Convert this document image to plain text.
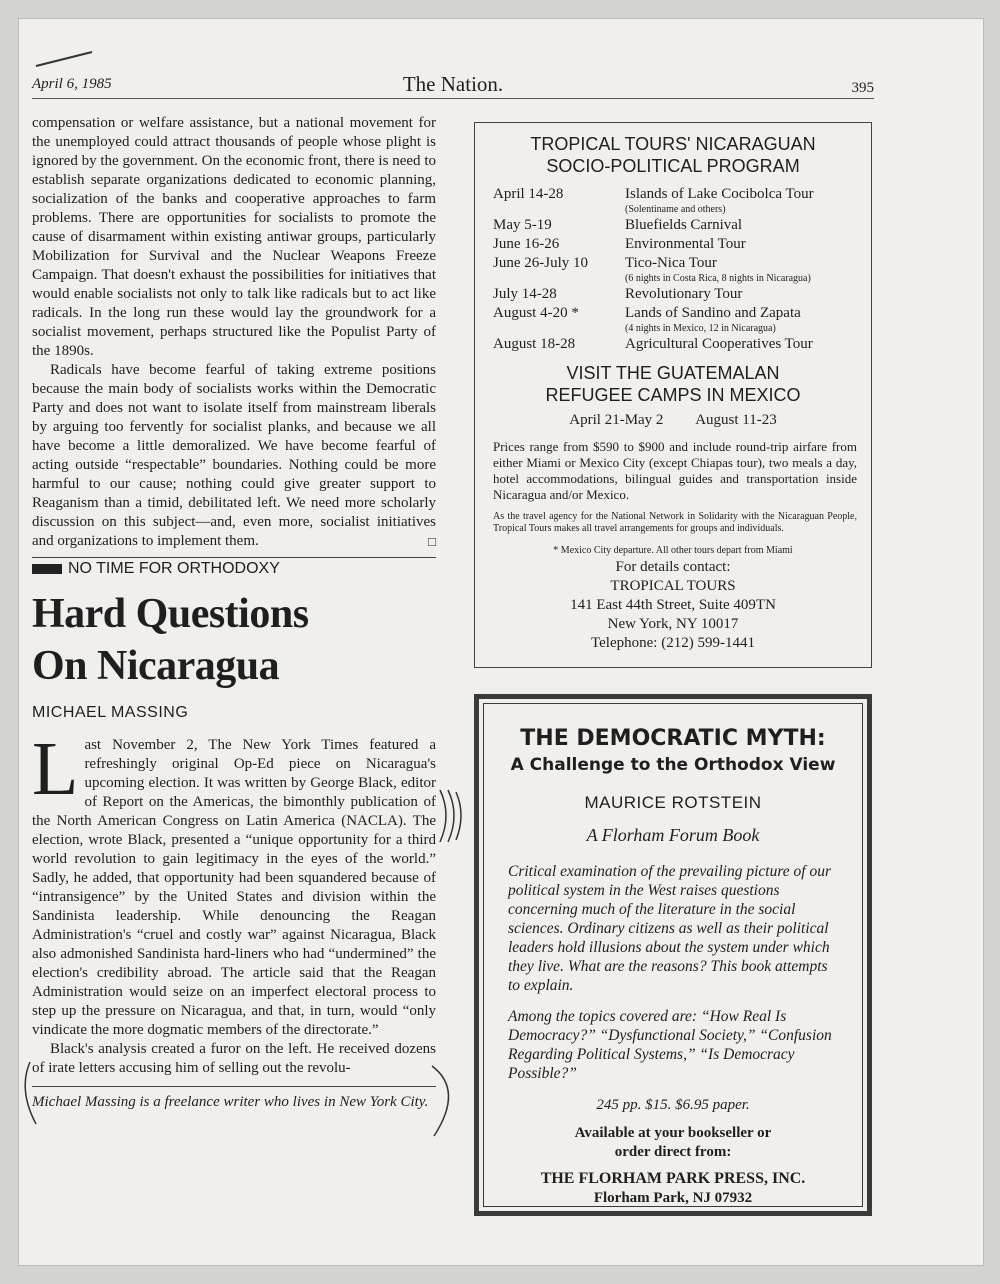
April 6, 1985	The Nation.	395

compensation or welfare assistance, but a national movement for the unemployed could attract thousands of people whose plight is ignored by the government. On the economic front, there is need to establish separate organizations dedicated to economic planning, socialization of the banks and cooperative approaches to farm problems. There are opportunities for socialists to promote the cause of disarmament within existing antiwar groups, particularly Mobilization for Survival and the Nuclear Weapons Freeze Campaign. That doesn't exhaust the possibilities for initiatives that would enable socialists not only to talk like radicals but to act like radicals. In the long run these would lay the groundwork for a socialist movement, perhaps structured like the Populist Party of the 1890s.

Radicals have become fearful of taking extreme positions because the main body of socialists works within the Democratic Party and does not want to isolate itself from mainstream liberals by arguing too fervently for socialist planks, and because we all have become a little demoralized. We have become fearful of acting outside “respectable” boundaries. Nothing could be more harmful to our cause; nothing could give greater support to Reaganism than a timid, debilitated left. We need more scholarly discussion on this subject—and, even more, socialist initiatives and organizations to implement them.	□

NO TIME FOR ORTHODOXY
Hard Questions
On Nicaragua
MICHAEL MASSING

Last November 2, The New York Times featured a refreshingly original Op-Ed piece on Nicaragua's upcoming election. It was written by George Black, editor of Report on the Americas, the bimonthly publication of the North American Congress on Latin America (NACLA). The election, wrote Black, presented a “unique opportunity for a third world revolution to gain legitimacy in the eyes of the world.” Sadly, he added, that opportunity had been squandered because of “intransigence” by the United States and division within the Sandinista leadership. While denouncing the Reagan Administration's “cruel and costly war” against Nicaragua, Black also admonished Sandinista hard-liners who had “undermined” the election's credibility abroad. The article said that the Reagan Administration would seize on an imperfect electoral process to step up the pressure on Nicaragua, and that, in turn, would “only vindicate the more dogmatic members of the directorate.”

Black's analysis created a furor on the left. He received dozens of irate letters accusing him of selling out the revolu-

Michael Massing is a freelance writer who lives in New York City.
TROPICAL TOURS' NICARAGUAN
SOCIO-POLITICAL PROGRAM
April 14-28	Islands of Lake Cocibolca Tour
(Solentiname and others)

May 5-19	Bluefields Carnival
June 16-26	Environmental Tour
June 26-July 10	Tico-Nica Tour
(6 nights in Costa Rica, 8 nights in Nicaragua)

July 14-28	Revolutionary Tour
August 4-20 *	Lands of Sandino and Zapata
(4 nights in Mexico, 12 in Nicaragua)

August 18-28	Agricultural Cooperatives Tour
VISIT THE GUATEMALAN
REFUGEE CAMPS IN MEXICO
April 21-May 2 August 11-23
Prices range from $590 to $900 and include round-trip airfare from either Miami or Mexico City (except Chiapas tour), two meals a day, hotel accommodations, bilingual guides and transportation inside Nicaragua and/or Mexico.
As the travel agency for the National Network in Solidarity with the Nicaraguan People, Tropical Tours makes all travel arrangements for groups and individuals.
* Mexico City departure. All other tours depart from Miami
For details contact:
TROPICAL TOURS
141 East 44th Street, Suite 409TN
New York, NY 10017
Telephone: (212) 599-1441
THE DEMOCRATIC MYTH:
A Challenge to the Orthodox View
MAURICE ROTSTEIN
A Florham Forum Book
Critical examination of the prevailing picture of our political system in the West raises questions concerning much of the literature in the social sciences. Ordinary citizens as well as their political leaders hold illusions about the system under which they live. What are the reasons? This book attempts to explain.
Among the topics covered are: “How Real Is Democracy?” “Dysfunctional Society,” “Confusion Regarding Political Systems,” “Is Democracy Possible?”
245 pp. $15. $6.95 paper.
Available at your bookseller or
order direct from:
THE FLORHAM PARK PRESS, INC.
Florham Park, NJ 07932
